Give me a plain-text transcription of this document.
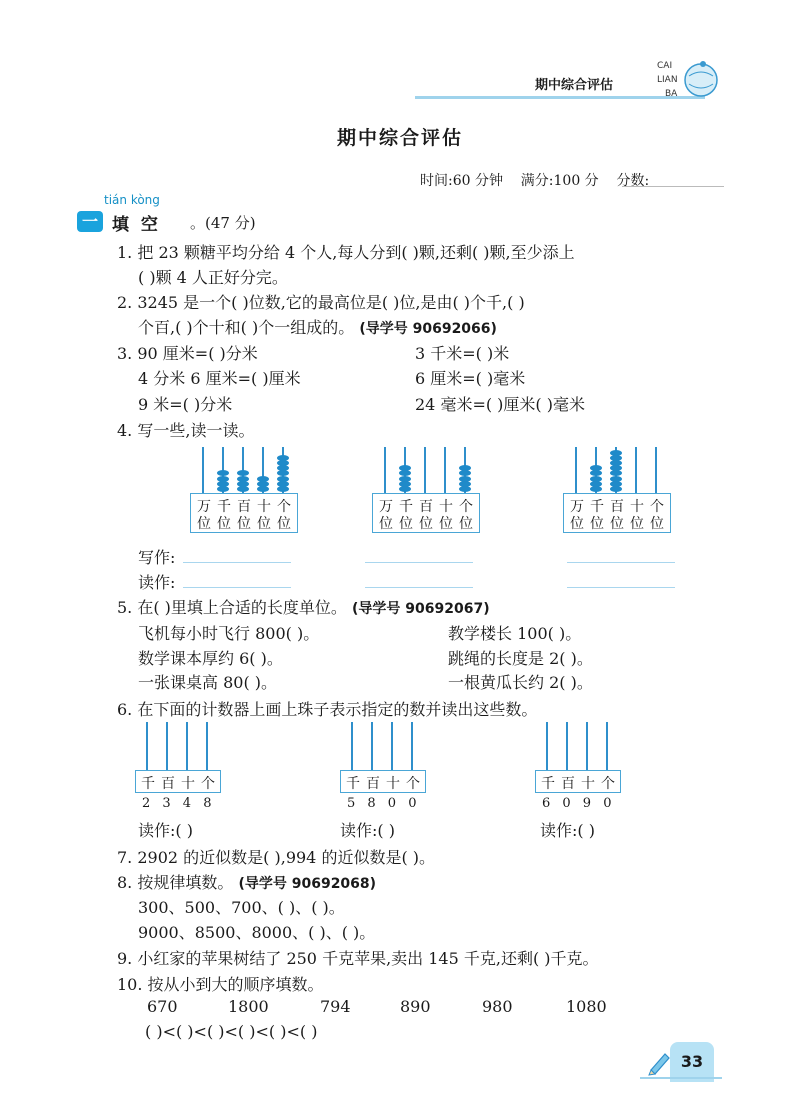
期中综合评估
CAI
LIAN
BA
期中综合评估
时间:60 分钟 满分:100 分 分数:
tián kòng
一 填 空 。(47 分)
1. 把 23 颗糖平均分给 4 个人,每人分到( )颗,还剩( )颗,至少添上
( )颗 4 人正好分完。
2. 3245 是一个( )位数,它的最高位是( )位,是由( )个千,( )
个百,( )个十和( )个一组成的。 (导学号 90692066)
3. 90 厘米=( )分米	3 千米=( )米
4 分米 6 厘米=( )厘米	6 厘米=( )毫米
9 米=( )分米	24 毫米=( )厘米( )毫米
4. 写一些,读一读。
万
位
千
位
百
位
十
位
个
位
万
位
千
位
百
位
十
位
个
位
万
位
千
位
百
位
十
位
个
位
写作:
读作:
5. 在( )里填上合适的长度单位。 (导学号 90692067)
飞机每小时飞行 800( )。	教学楼长 100( )。
数学课本厚约 6( )。	跳绳的长度是 2( )。
一张课桌高 80( )。	一根黄瓜长约 2( )。
6. 在下面的计数器上画上珠子表示指定的数并读出这些数。
千 百 十 个
2 3 4 8
千 百 十 个
5 8 0 0
千 百 十 个
6 0 9 0
读作:( )	读作:( )	读作:( )
7. 2902 的近似数是( ),994 的近似数是( )。
8. 按规律填数。 (导学号 90692068)
300、500、700、( )、( )。
9000、8500、8000、( )、( )。
9. 小红家的苹果树结了 250 千克苹果,卖出 145 千克,还剩( )千克。
10. 按从小到大的顺序填数。
670	1800	794	890	980	1080
( )<( )<( )<( )<( )<( )
33
